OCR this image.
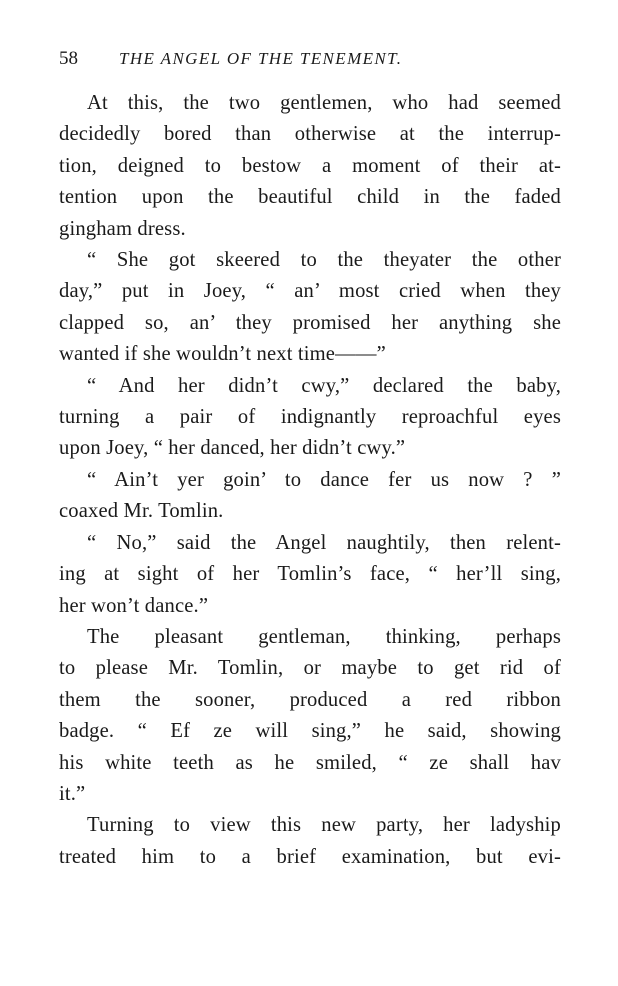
58	THE ANGEL OF THE TENEMENT.

At this, the two gentlemen, who had seemed
decidedly bored than otherwise at the interrup-
tion, deigned to bestow a moment of their at-
tention upon the beautiful child in the faded
gingham dress.

“ She got skeered to the theyater the other
day,” put in Joey, “ an’ most cried when they
clapped so, an’ they promised her anything she
wanted if she wouldn’t next time——”

“ And her didn’t cwy,” declared the baby,
turning a pair of indignantly reproachful eyes
upon Joey, “ her danced, her didn’t cwy.”

“ Ain’t yer goin’ to dance fer us now ? ”
coaxed Mr. Tomlin.

“ No,” said the Angel naughtily, then relent-
ing at sight of her Tomlin’s face, “ her’ll sing,
her won’t dance.”

The pleasant gentleman, thinking, perhaps
to please Mr. Tomlin, or maybe to get rid of
them the sooner, produced a red ribbon
badge. “ Ef ze will sing,” he said, showing
his white teeth as he smiled, “ ze shall hav
it.”

Turning to view this new party, her ladyship
treated him to a brief examination, but evi-
